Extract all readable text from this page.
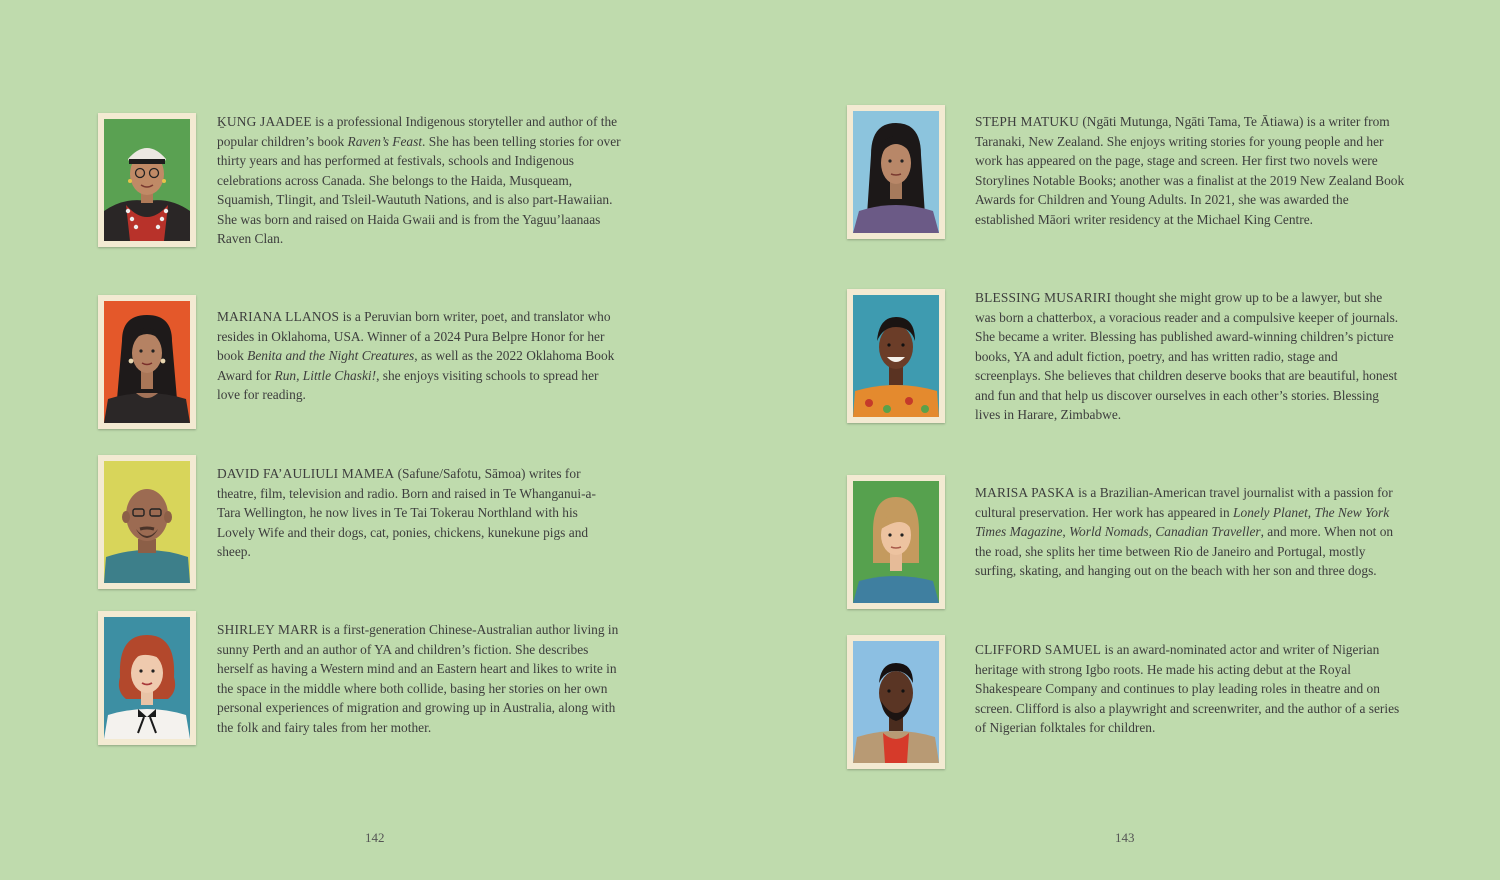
ḴUNG JAADEE is a professional Indigenous storyteller and author of the popular children’s book Raven’s Feast. She has been telling stories for over thirty years and has performed at festivals, schools and Indigenous celebrations across Canada. She belongs to the Haida, Musqueam, Squamish, Tlingit, and Tsleil-Waututh Nations, and is also part-Hawaiian. She was born and raised on Haida Gwaii and is from the Yaguu’laanaas Raven Clan.

MARIANA LLANOS is a Peruvian born writer, poet, and translator who resides in Oklahoma, USA. Winner of a 2024 Pura Belpre Honor for her book Benita and the Night Creatures, as well as the 2022 Oklahoma Book Award for Run, Little Chaski!, she enjoys visiting schools to spread her love for reading.

DAVID FA’AULIULI MAMEA (Safune/Safotu, Sāmoa) writes for theatre, film, television and radio. Born and raised in Te Whanganui-a-Tara Wellington, he now lives in Te Tai Tokerau Northland with his Lovely Wife and their dogs, cat, ponies, chickens, kunekune pigs and sheep.

SHIRLEY MARR is a first-generation Chinese-Australian author living in sunny Perth and an author of YA and children’s fiction. She describes herself as having a Western mind and an Eastern heart and likes to write in the space in the middle where both collide, basing her stories on her own personal experiences of migration and growing up in Australia, along with the folk and fairy tales from her mother.

142

STEPH MATUKU (Ngāti Mutunga, Ngāti Tama, Te Ātiawa) is a writer from Taranaki, New Zealand. She enjoys writing stories for young people and her work has appeared on the page, stage and screen. Her first two novels were Storylines Notable Books; another was a finalist at the 2019 New Zealand Book Awards for Children and Young Adults. In 2021, she was awarded the established Māori writer residency at the Michael King Centre.

BLESSING MUSARIRI thought she might grow up to be a lawyer, but she was born a chatterbox, a voracious reader and a compulsive keeper of journals. She became a writer. Blessing has published award-winning children’s picture books, YA and adult fiction, poetry, and has written radio, stage and screenplays. She believes that children deserve books that are beautiful, honest and fun and that help us discover ourselves in each other’s stories. Blessing lives in Harare, Zimbabwe.

MARISA PASKA is a Brazilian-American travel journalist with a passion for cultural preservation. Her work has appeared in Lonely Planet, The New York Times Magazine, World Nomads, Canadian Traveller, and more. When not on the road, she splits her time between Rio de Janeiro and Portugal, mostly surfing, skating, and hanging out on the beach with her son and three dogs.

CLIFFORD SAMUEL is an award-nominated actor and writer of Nigerian heritage with strong Igbo roots. He made his acting debut at the Royal Shakespeare Company and continues to play leading roles in theatre and on screen. Clifford is also a playwright and screenwriter, and the author of a series of Nigerian folktales for children.

143
